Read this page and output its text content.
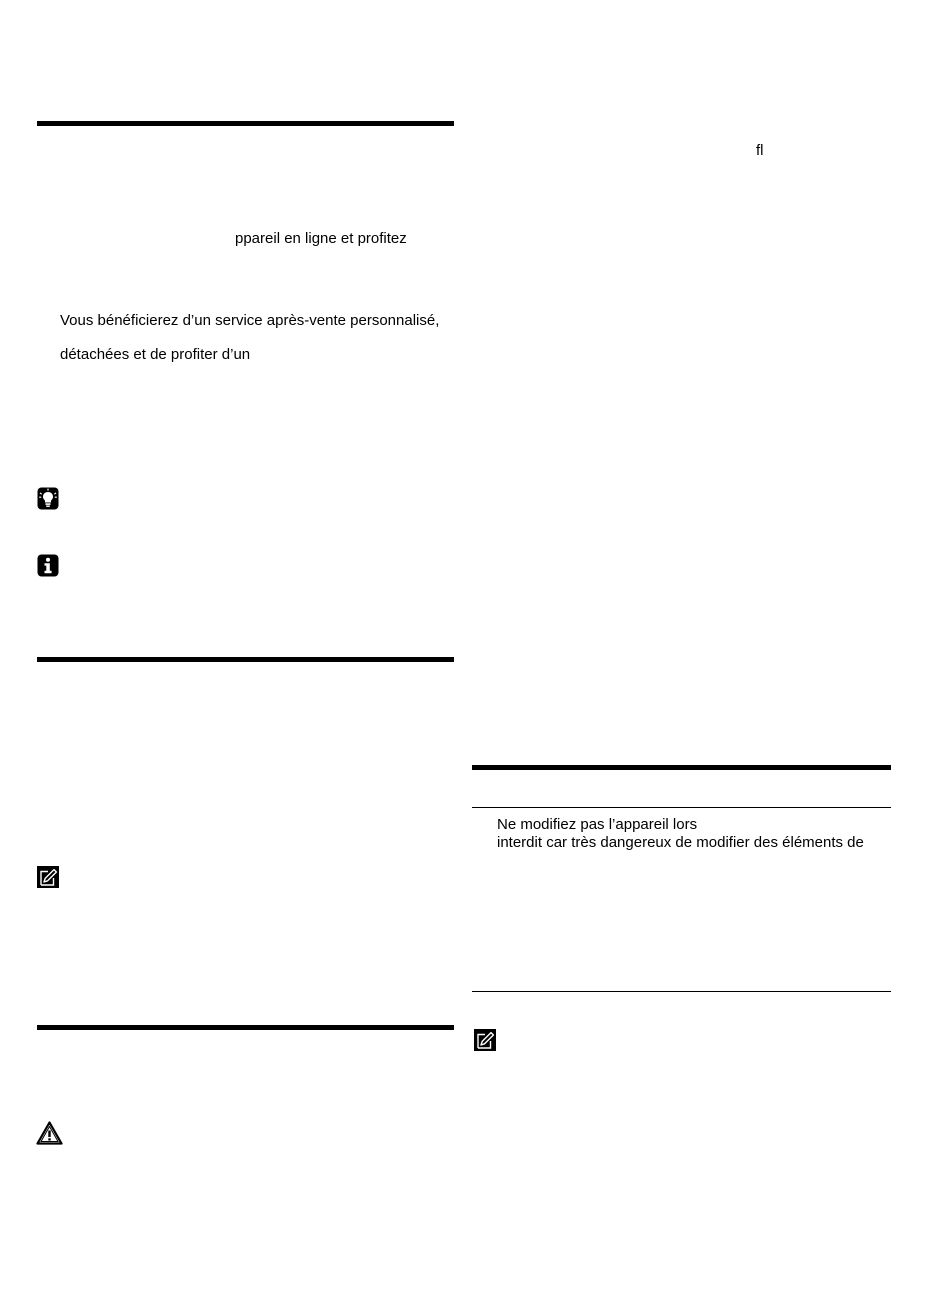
ppareil en ligne et profitez
Vous bénéficierez d’un service après-vente personnalisé,
détachées et de profiter d’un
fl
Ne modifiez pas l’appareil lors
interdit car très dangereux de modifier des éléments de
